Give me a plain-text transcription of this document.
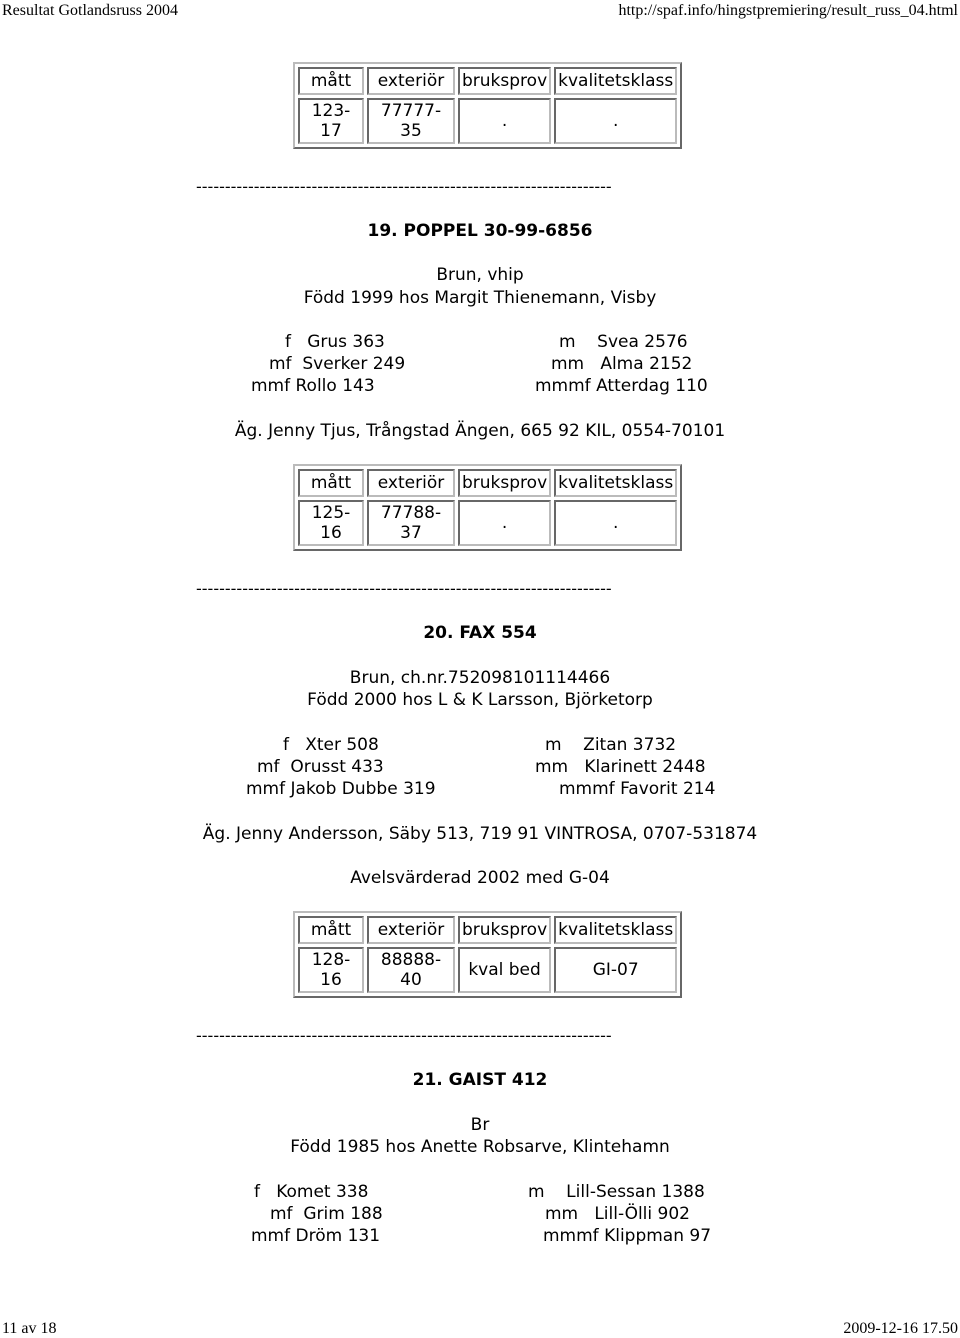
Resultat Gotlandsruss 2004	http://spaf.info/hingstpremiering/result_russ_04.html
mått	exteriör	bruksprov	kvalitetsklass
123-17	77777-35	.	.
------------------------------------------------------------------------
19. POPPEL 30-99-6856
Brun, vhip
Född 1999 hos Margit Thienemann, Visby
f   Grus 363	m    Svea 2576
mf  Sverker 249	mm   Alma 2152
mmf Rollo 143	mmmf Atterdag 110
Äg. Jenny Tjus, Trångstad Ängen, 665 92 KIL, 0554-70101
mått	exteriör	bruksprov	kvalitetsklass
125-16	77788-37	.	.
------------------------------------------------------------------------
20. FAX 554
Brun, ch.nr.752098101114466
Född 2000 hos L & K Larsson, Björketorp
f   Xter 508	m    Zitan 3732
mf  Orusst 433	mm   Klarinett 2448
mmf Jakob Dubbe 319	mmmf Favorit 214
Äg. Jenny Andersson, Säby 513, 719 91 VINTROSA, 0707-531874
Avelsvärderad 2002 med G-04
mått	exteriör	bruksprov	kvalitetsklass
128-16	88888-40	kval bed	GI-07
------------------------------------------------------------------------
21. GAIST 412
Br
Född 1985 hos Anette Robsarve, Klintehamn
f   Komet 338	m    Lill-Sessan 1388
mf  Grim 188	mm   Lill-Ölli 902
mmf Dröm 131	mmmf Klippman 97
11 av 18	2009-12-16 17.50
